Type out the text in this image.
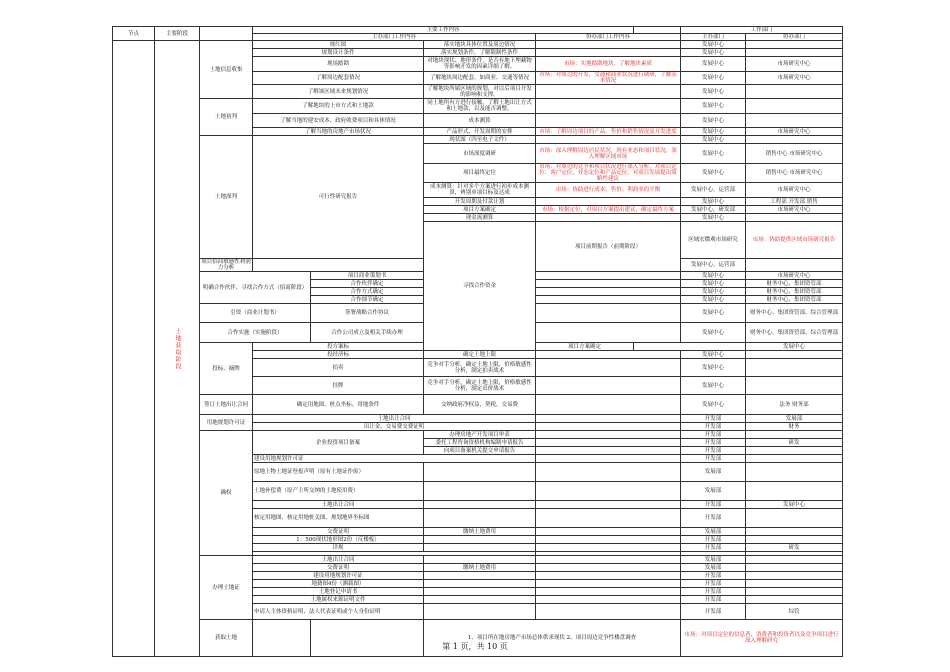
节点	主要阶段		主要工作内容					工作部门		
			主办部门工作内容			协办部门工作内容		主办部门	协办部门	
	土地获取阶段	土地信息收集	规红图		落实地块具体位置及周边情况			发展中心		
			规划设计条件		落实规划条件，了解限制性条件			发展中心		
			现场踏勘		对地块现状、地形条件，是否有地下埋藏物等影响开发的因素详细了解。	市场：实地踏勘地块，了解地块素质		发展中心	市场研究中心	
			了解周边配套情况		了解地块周边配套，如商业、交通等情况	市场：对周边的开发、交通和商业状况进行调研，了解基本情况		发展中心	市场研究中心	
			了解该区域未来规划情况		了解地块所属区域的规划，对以后项目开发的影响和支撑。			发展中心		
		土地初判	了解地块的上市方式和土地款		同土地所有方进行接触，了解土地出让方式和土地款，以及能否调整。			发展中心		
			了解当地的建安成本、政府收费项目和具体情况		成本测算			发展中心		
			了解当地的房地产市场状况		产品形式、开发周期的安排	市场：了解周边项目的产品，售价和销售情况及开发进度		发展中心	市场研究中心	
		土地深判	可行性研究报告		现状图（四至电子文件）			发展中心		
					市场深度调研	市场：深入理解周边居民状况，现有业态和项目状况，深入理解区域市场		发展中心	销售中心 市场研究中心	
					项目最终定位	市场：对周边的竞争和项目状况进行深入分析，对项目定位：客户定位、业态定位和产品定位，对项目发展提出策略性建议		发展中心	销售中心 市场研究中心	
					成本测算：针对多个方案进行初步成本测算，辨别单项目标及达成	市场：协助进行成本、售价、利润率的平衡		发展中心，运营部	市场研究中心	
					开发周期及付款计划			发展中心	工程部 开发部 销售	
					项目方案确定	市场：根据定位，对项目方案提出建议，确定最终方案		发展中心，研发部	市场研究中心	
					现金流测算			发展中心		
					寻找合作资金	项目前期报告（前期阶段）		区域宏微观市场研究	市场：协助提供区域市场研究报告		
		项目招商敏感性利润力分析						发展中心，运营部		
		明确合作伙伴、寻找合作方式（招商阶段）		项目商业策划书				发展中心	市场研究中心	
				合作伙伴确定				发展中心	财务中心、集团资管部	
				合作方式确定				发展中心	财务中心、集团资管部	
				合作细节确定				发展中心	财务中心、集团资管部	
		引资（商业计划书）		签署战略合作协议				发展中心	财务中心、集团资管部、综合管理部	
		合作实施（实施阶段）		合作公司成立及相关手续办理				发展中心	财务中心、集团资管部、综合管理部	
		投标、摘牌	投方案标			项目方案确定			发展中心	
			投经济标		确定土地上限			发展中心		
			拍卖		竞争对手分析，确定土地上限，价格敏感性分析，制定拍卖战术			发展中心		
			挂牌		竞争对手分析，确定土地上限，价格敏感性分析，制定出价战术			发展中心		
		签订土地出让合同	确定用地图、桩点坐标、用地条件		交纳政府净权益，契税，交易费			发展中心	法务 财务部	
		用地规划许可证	土地出让合同					开发部	发展部	
			出让金、交易费交费证明					开发部	财务	
		确权	企业投资项目备案		办理房地产开发项目审表			开发部		
					委托工程咨询资格机构编制申请报告			开发部	研发	
					向项目备案机关提交申请报告			开发部		
			建设用地规划许可证					开发部		
			原地上物土地证登报声明（原有土地证作废）					发展部		
			土地补偿费（原产主所交纳的土地使用费）					发展部		
			土地出让合同					开发部	发展中心	
			核定用地图、核定用地桩关图、规划地界坐标图					开发部		
			交费证明		缴纳土地费用			发展部		
			1：500现状地形图2份（反楼板）					开发部		
			详规					开发部	研发	

		办理土地证	土地出让合同					发展部		
			交费证明		缴纳土地费用			发展部		
			建设用地规划许可证					开发部		
			地籍图4份（测载图）					开发部		
			土地登记申请书					开发部		
			土地属权来源证明文件					开发部		
			申请人主体资格证明、法人代表证明或个人身份证明					开发部	综管	
		获取土地			1、项目所在地房地产市场总体供求现状 2、项目周边竞争性楼盘调查			市场：对项目定位的信息者，消费者和投资者以及竞争项目进行深入理解研究		
第 1 页，共 10 页
